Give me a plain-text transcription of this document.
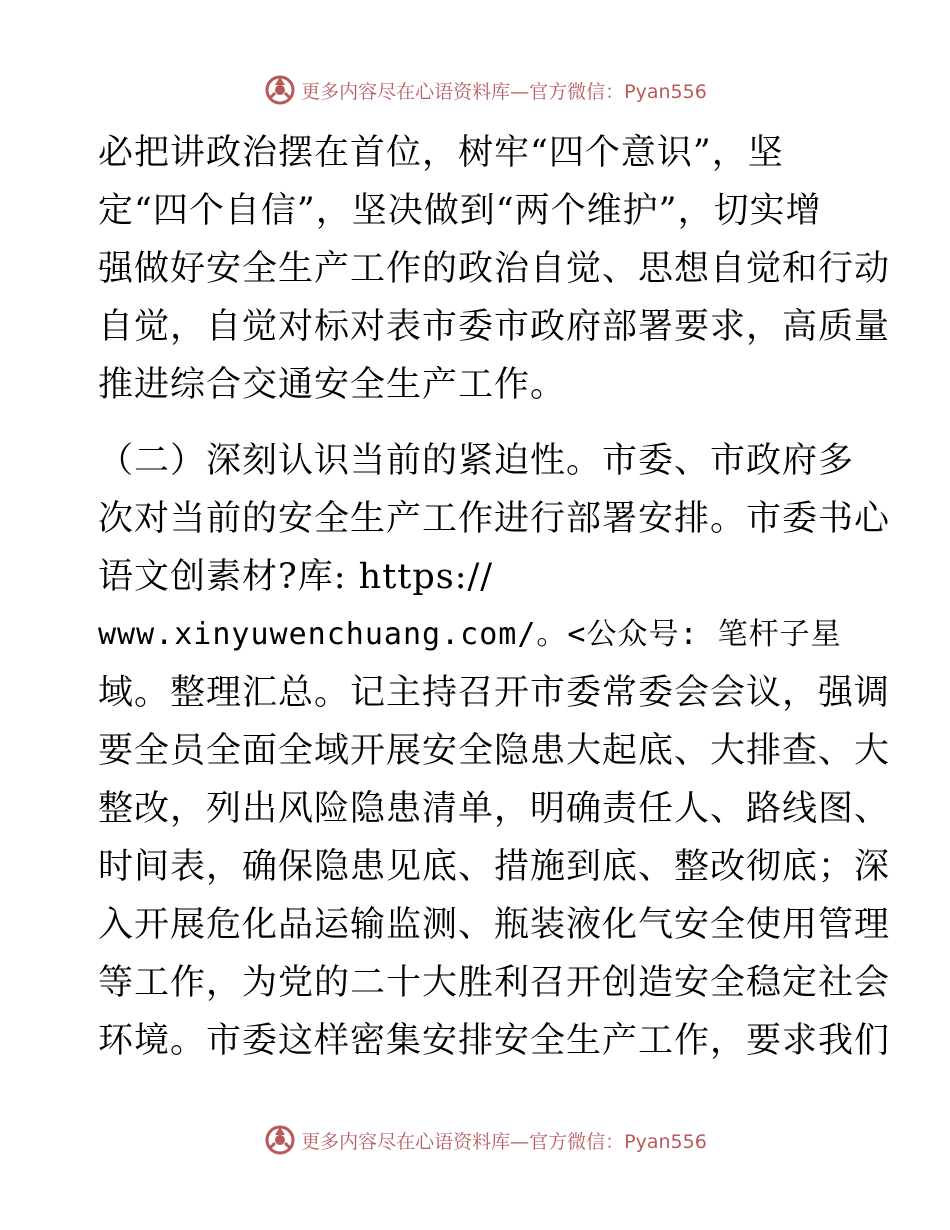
更多内容尽在心语资料库— 官方微信：Pyan556
必把讲政治摆在首位，树牢“四个意识”，坚
定“四个自信”，坚决做到“两个维护”，切实增
强做好安全生产工作的政治自觉、思想自觉和行动
自觉，自觉对标对表市委市政府部署要求，高质量
推进综合交通安全生产工作。
（二）深刻认识当前的紧迫性。市委、市政府多
次对当前的安全生产工作进行部署安排。市委书心
语文创素材?库: https://
www.xinyuwenchuang.com/。<公众号: 笔杆子星
域。整理汇总。记主持召开市委常委会会议，强调
要全员全面全域开展安全隐患大起底、大排查、大
整改，列出风险隐患清单，明确责任人、路线图、
时间表，确保隐患见底、措施到底、整改彻底；深
入开展危化品运输监测、瓶装液化气安全使用管理
等工作，为党的二十大胜利召开创造安全稳定社会
环境。市委这样密集安排安全生产工作，要求我们
更多内容尽在心语资料库— 官方微信：Pyan556
